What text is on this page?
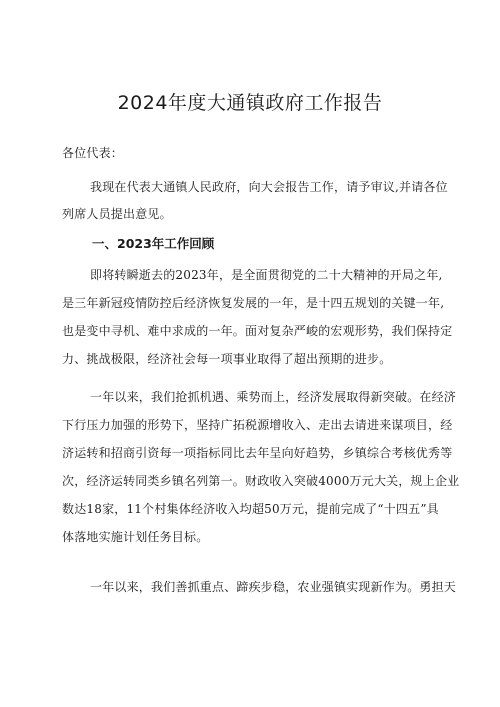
2024年度大通镇政府工作报告
各位代表：
我现在代表大通镇人民政府，向大会报告工作，请予审议,并请各位
列席人员提出意见。
一、2023年工作回顾
即将转瞬逝去的2023年，是全面贯彻党的二十大精神的开局之年,
是三年新冠疫情防控后经济恢复发展的一年，是十四五规划的关键一年,
也是变中寻机、难中求成的一年。面对复杂严峻的宏观形势，我们保持定
力、挑战极限，经济社会每一项事业取得了超出预期的进步。
一年以来，我们抢抓机遇、乘势而上，经济发展取得新突破。在经济
下行压力加强的形势下，坚持广拓税源增收入、走出去请进来谋项目，经
济运转和招商引资每一项指标同比去年呈向好趋势，乡镇综合考核优秀等
次，经济运转同类乡镇名列第一。财政收入突破4000万元大关，规上企业
数达18家，11个村集体经济收入均超50万元，提前完成了“十四五”具
体落地实施计划任务目标。
一年以来，我们善抓重点、蹄疾步稳，农业强镇实现新作为。勇担天
